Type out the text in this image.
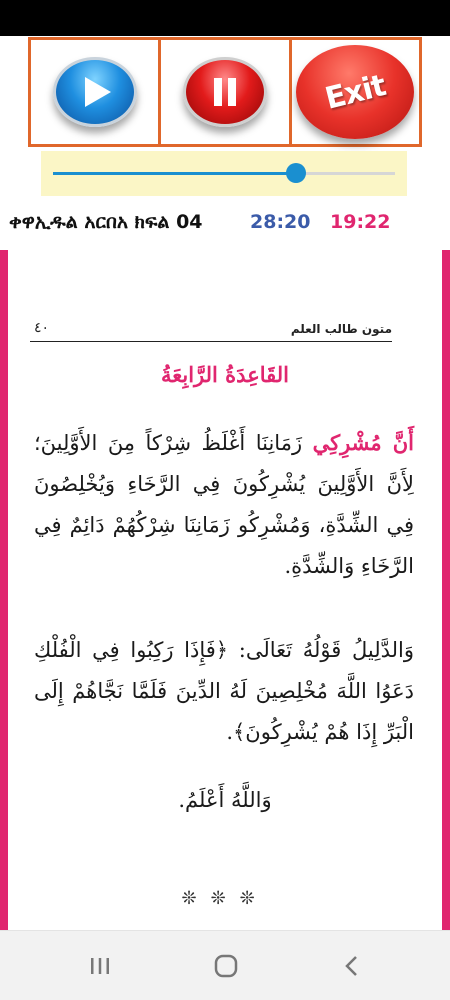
Exit
ቀዋኢዱል አርበአ ክፍል 04 28:20 19:22
٤٠	متون طالب العلم
القَاعِدَةُ الرَّابِعَةُ
أَنَّ مُشْرِكِي زَمَانِنَا أَغْلَظُ شِرْكاً مِنَ الأَوَّلِينَ؛ لِأَنَّ الأَوَّلِينَ يُشْرِكُونَ فِي الرَّخَاءِ وَيُخْلِصُونَ فِي الشِّدَّةِ، وَمُشْرِكُو زَمَانِنَا شِرْكُهُمْ دَائِمٌ فِي الرَّخَاءِ وَالشِّدَّةِ.
وَالدَّلِيلُ قَوْلُهُ تَعَالَى: ﴿فَإِذَا رَكِبُوا فِي الْفُلْكِ دَعَوُا اللَّهَ مُخْلِصِينَ لَهُ الدِّينَ فَلَمَّا نَجَّاهُمْ إِلَى الْبَرِّ إِذَا هُمْ يُشْرِكُونَ﴾.
وَاللَّهُ أَعْلَمُ.
❊❊❊
